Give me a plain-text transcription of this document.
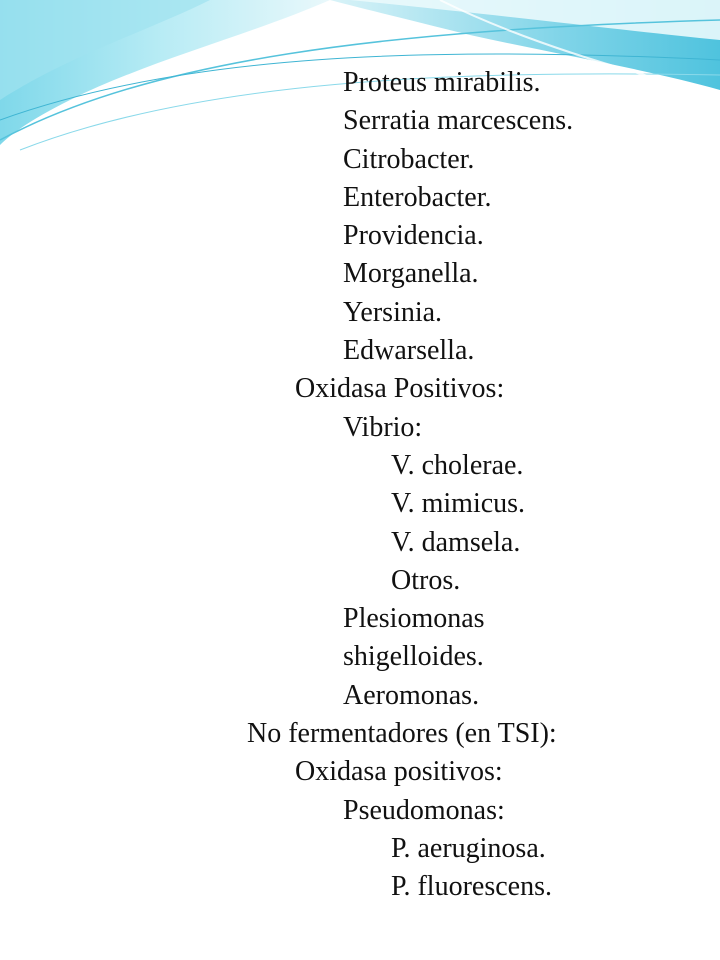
Proteus mirabilis.
Serratia marcescens.
Citrobacter.
Enterobacter.
Providencia.
Morganella.
Yersinia.
Edwarsella.
Oxidasa Positivos:
Vibrio:
V. cholerae.
V. mimicus.
V. damsela.
Otros.
Plesiomonas
shigelloides.
Aeromonas.
No fermentadores (en TSI):
Oxidasa positivos:
Pseudomonas:
P. aeruginosa.
P. fluorescens.
